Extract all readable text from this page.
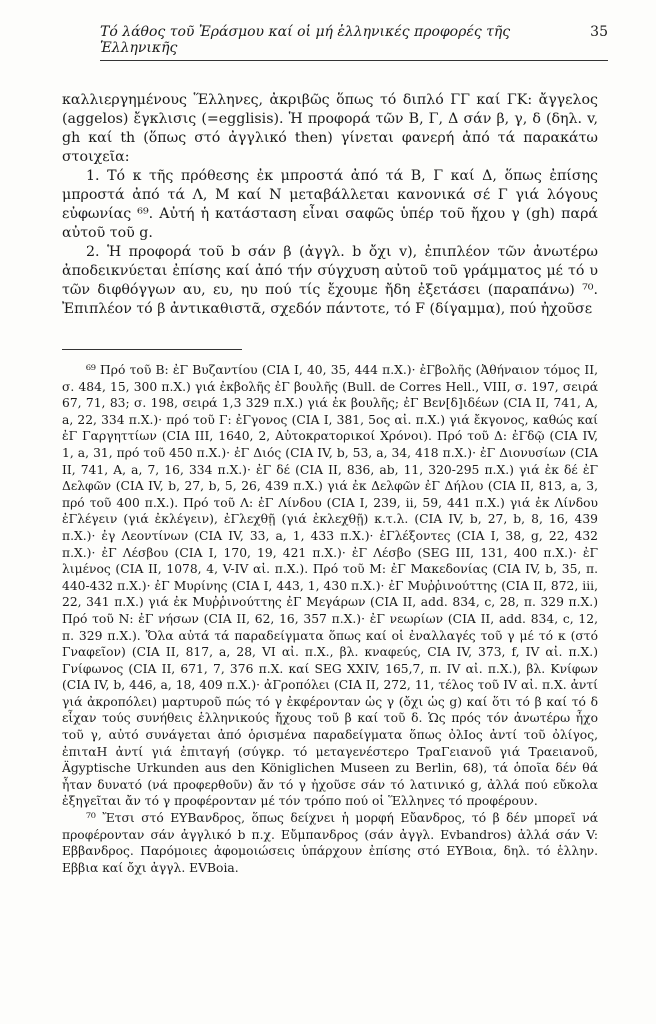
Τό λάθος τοῦ Ἐράσμου καί οἱ μή ἑλληνικές προφορές τῆς Ἑλληνικῆς
35

καλλιεργημένους Ἕλληνες, ἀκριβῶς ὅπως τό διπλό ΓΓ καί ΓΚ: ἄγγελος (aggelos) ἔγκλισις (=egglisis). Ἡ προφορά τῶν Β, Γ, Δ σάν β, γ, δ (δηλ. v, gh καί th (ὅπως στό ἀγγλικό then) γίνεται φανερή ἀπό τά παρακάτω στοιχεῖα:

1. Τό κ τῆς πρόθεσης ἐκ μπροστά ἀπό τά Β, Γ καί Δ, ὅπως ἐπίσης μπροστά ἀπό τά Λ, Μ καί Ν μεταβάλλεται κανονικά σέ Γ γιά λόγους εὐφωνίας ⁶⁹. Αὐτή ἡ κατάσταση εἶναι σαφῶς ὑπέρ τοῦ ἤχου γ (gh) παρά αὐτοῦ τοῦ g.

2. Ἡ προφορά τοῦ b σάν β (ἀγγλ. b ὄχι v), ἐπιπλέον τῶν ἀνωτέρω ἀποδεικνύεται ἐπίσης καί ἀπό τήν σύγχυση αὐτοῦ τοῦ γράμματος μέ τό υ τῶν διφθόγγων αυ, ευ, ηυ πού τίς ἔχουμε ἤδη ἐξετάσει (παραπάνω) ⁷⁰. Ἐπιπλέον τό β ἀντικαθιστᾶ, σχεδόν πάντοτε, τό F (δίγαμμα), πού ἠχοῦσε

⁶⁹ Πρό τοῦ Β: ἐΓ Βυζαντίου (CIA I, 40, 35, 444 π.Χ.)· ἐΓβολῆς (Ἀθήναιον τόμος ΙΙ, σ. 484, 15, 300 π.Χ.) γιά ἐκβολῆς ἐΓ βουλῆς (Bull. de Corres Hell., VIII, σ. 197, σειρά 67, 71, 83; σ. 198, σειρά 1,3 329 π.Χ.) γιά ἐκ βουλῆς; ἐΓ Βεν[δ]ιδέων (CIA II, 741, A, a, 22, 334 π.Χ.)· πρό τοῦ Γ: ἐΓγονος (CIA I, 381, 5ος αἰ. π.Χ.) γιά ἔκγονος, καθώς καί ἐΓ Γαργηττίων (CIA III, 1640, 2, Αὐτοκρατορικοί Χρόνοι). Πρό τοῦ Δ: ἐΓδῷ (CIA IV, 1, a, 31, πρό τοῦ 450 π.Χ.)· ἐΓ Διός (CIA IV, b, 53, a, 34, 418 π.Χ.)· ἐΓ Διονυσίων (CIA II, 741, A, a, 7, 16, 334 π.Χ.)· ἐΓ δέ (CIA II, 836, ab, 11, 320-295 π.Χ.) γιά ἐκ δέ ἐΓ Δελφῶν (CIA IV, b, 27, b, 5, 26, 439 π.Χ.) γιά ἐκ Δελφῶν ἐΓ Δήλου (CIA II, 813, a, 3, πρό τοῦ 400 π.Χ.). Πρό τοῦ Λ: ἐΓ Λίνδου (CIA I, 239, ii, 59, 441 π.Χ.) γιά ἐκ Λίνδου ἐΓλέγειν (γιά ἐκλέγειν), ἐΓλεχθῇ (γιά ἐκλεχθῇ) κ.τ.λ. (CIA IV, b, 27, b, 8, 16, 439 π.Χ.)· ἐγ Λεοντίνων (CIA IV, 33, a, 1, 433 π.Χ.)· ἐΓλέξοντες (CIA I, 38, g, 22, 432 π.Χ.)· ἐΓ Λέσβου (CIA I, 170, 19, 421 π.Χ.)· ἐΓ Λέσβο (SEG III, 131, 400 π.Χ.)· ἐΓ λιμένος (CIA II, 1078, 4, V-IV αἰ. π.Χ.). Πρό τοῦ Μ: ἐΓ Μακεδονίας (CIA IV, b, 35, π. 440-432 π.Χ.)· ἐΓ Μυρίνης (CIA I, 443, 1, 430 π.Χ.)· ἐΓ Μυῤῥινούττης (CIA II, 872, iii, 22, 341 π.Χ.) γιά ἐκ Μυῤῥινούττης ἐΓ Μεγάρων (CIA II, add. 834, c, 28, π. 329 π.Χ.) Πρό τοῦ Ν: ἐΓ νήσων (CIA II, 62, 16, 357 π.Χ.)· ἐΓ νεωρίων (CIA II, add. 834, c, 12, π. 329 π.Χ.). Ὅλα αὐτά τά παραδείγματα ὅπως καί οἱ ἐναλλαγές τοῦ γ μέ τό κ (στό Γναφεῖον) (CIA II, 817, a, 28, VI αἰ. π.Χ., βλ. κναφεύς, CIA IV, 373, f, IV αἰ. π.Χ.) Γνίφωνος (CIA II, 671, 7, 376 π.Χ. καί SEG XXIV, 165,7, π. IV αἰ. π.Χ.), βλ. Κνίφων (CIA IV, b, 446, a, 18, 409 π.Χ.)· ἀΓροπόλει (CIA II, 272, 11, τέλος τοῦ IV αἰ. π.Χ. ἀντί γιά ἀκροπόλει) μαρτυροῦ πώς τό γ ἐκφέρονταν ὡς γ (ὄχι ὡς g) καί ὅτι τό β καί τό δ εἶχαν τούς συνήθεις ἑλληνικούς ἤχους τοῦ β καί τοῦ δ. Ὡς πρός τόν ἀνωτέρω ἦχο τοῦ γ, αὐτό συνάγεται ἀπό ὁρισμένα παραδείγματα ὅπως ὀλΙος ἀντί τοῦ ὀλίγος, ἐπιταΗ ἀντί γιά ἐπιταγή (σύγκρ. τό μεταγενέστερο ΤραΓειανοῦ γιά Τραειανοῦ, Ägyptische Urkunden aus den Königlichen Museen zu Berlin, 68), τά ὁποῖα δέν θά ἦταν δυνατό (νά προφερθοῦν) ἄν τό γ ἠχοῦσε σάν τό λατινικό g, ἀλλά πού εὔκολα ἐξηγεῖται ἄν τό γ προφέρονταν μέ τόν τρόπο πού οἱ Ἕλληνες τό προφέρουν.

⁷⁰ Ἔτσι στό ΕΥΒανδρος, ὅπως δείχνει ἡ μορφή Εὔανδρος, τό β δέν μπορεῖ νά προφέρονταν σάν ἀγγλικό b π.χ. Εὔμπανδρος (σάν ἀγγλ. Evbandros) ἀλλά σάν V: Εββανδρος. Παρόμοιες ἀφομοιώσεις ὑπάρχουν ἐπίσης στό ΕΥΒοια, δηλ. τό ἑλλην. Εββια καί ὄχι ἀγγλ. EVBoia.
